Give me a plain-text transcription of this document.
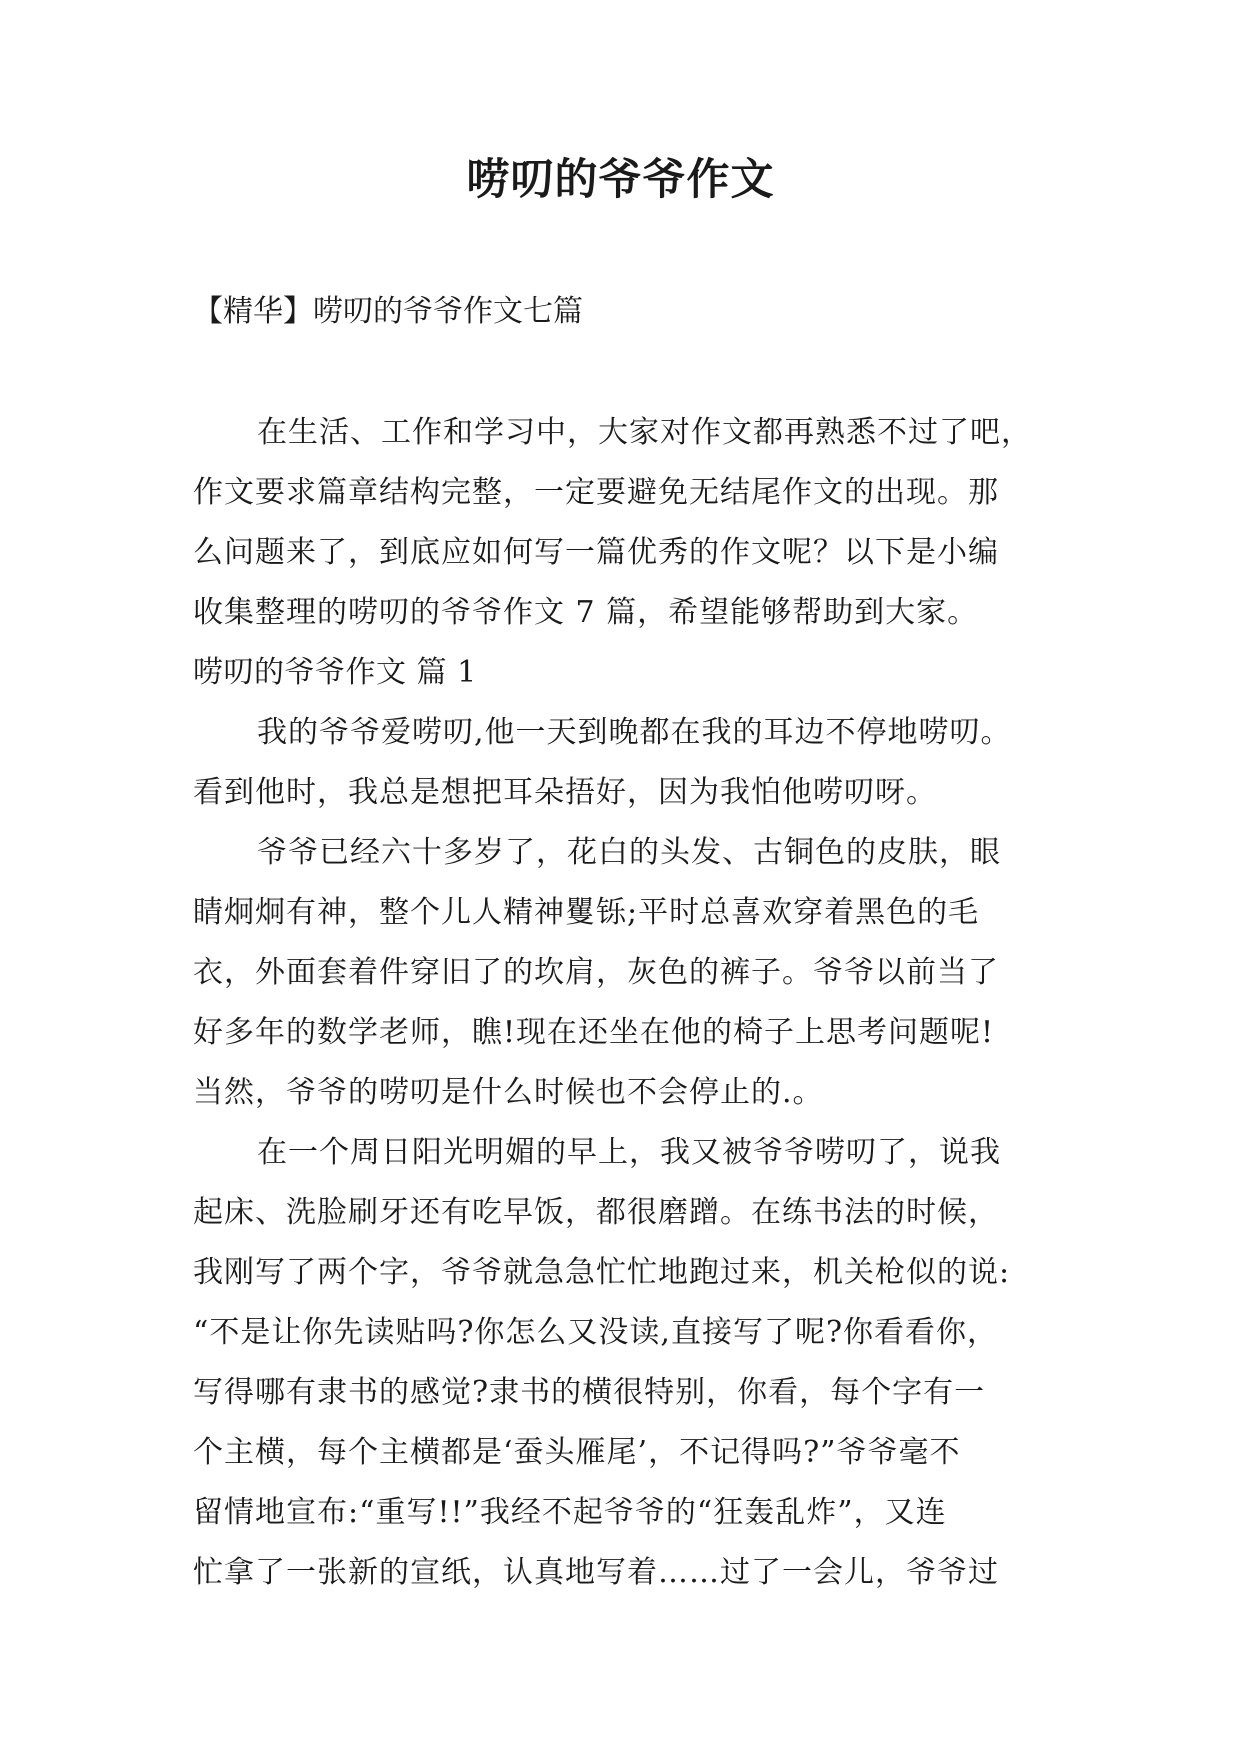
唠叨的爷爷作文
【精华】唠叨的爷爷作文七篇
在生活、工作和学习中，大家对作文都再熟悉不过了吧，
作文要求篇章结构完整，一定要避免无结尾作文的出现。那
么问题来了，到底应如何写一篇优秀的作文呢？以下是小编
收集整理的唠叨的爷爷作文 7 篇，希望能够帮助到大家。
唠叨的爷爷作文 篇 1
我的爷爷爱唠叨,他一天到晚都在我的耳边不停地唠叨。
看到他时，我总是想把耳朵捂好，因为我怕他唠叨呀。
爷爷已经六十多岁了，花白的头发、古铜色的皮肤，眼
睛炯炯有神，整个儿人精神矍铄;平时总喜欢穿着黑色的毛
衣，外面套着件穿旧了的坎肩，灰色的裤子。爷爷以前当了
好多年的数学老师，瞧!现在还坐在他的椅子上思考问题呢!
当然，爷爷的唠叨是什么时候也不会停止的.。
在一个周日阳光明媚的早上，我又被爷爷唠叨了，说我
起床、洗脸刷牙还有吃早饭，都很磨蹭。在练书法的时候，
我刚写了两个字，爷爷就急急忙忙地跑过来，机关枪似的说:
“不是让你先读贴吗?你怎么又没读,直接写了呢?你看看你，
写得哪有隶书的感觉?隶书的横很特别，你看，每个字有一
个主横，每个主横都是‘蚕头雁尾’，不记得吗?”爷爷毫不
留情地宣布:“重写!!”我经不起爷爷的“狂轰乱炸”，又连
忙拿了一张新的宣纸，认真地写着……过了一会儿，爷爷过
